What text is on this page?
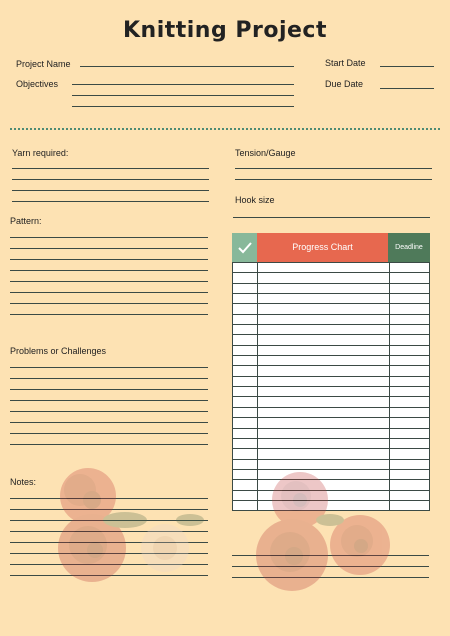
Knitting Project
Project Name
Objectives
Start Date
Due Date
Yarn required:	Tension/Gauge
Hook size
Pattern:
Problems or Challenges
Notes:
Progress Chart	Deadline
